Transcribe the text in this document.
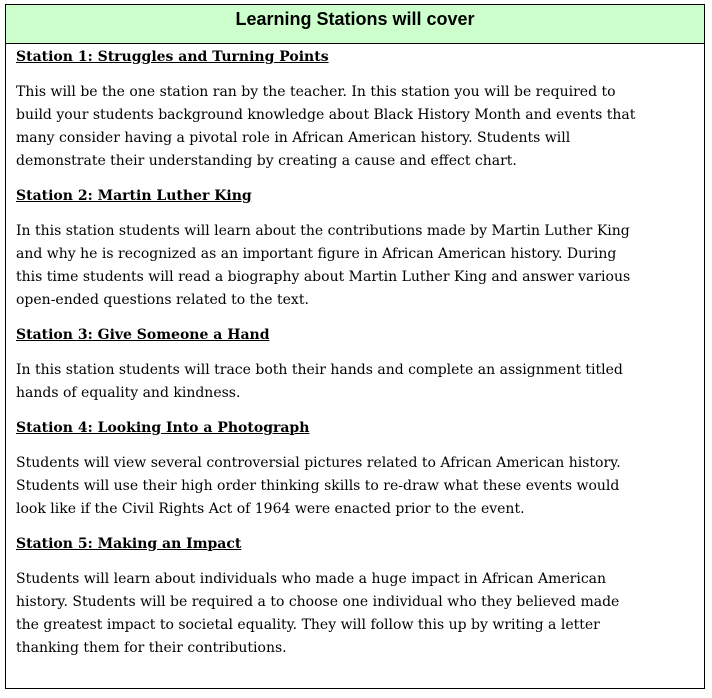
Learning Stations will cover
Station 1: Struggles and Turning Points
This will be the one station ran by the teacher. In this station you will be required to
build your students background knowledge about Black History Month and events that
many consider having a pivotal role in African American history. Students will
demonstrate their understanding by creating a cause and effect chart.
Station 2: Martin Luther King
In this station students will learn about the contributions made by Martin Luther King
and why he is recognized as an important figure in African American history. During
this time students will read a biography about Martin Luther King and answer various
open-ended questions related to the text.
Station 3: Give Someone a Hand
In this station students will trace both their hands and complete an assignment titled
hands of equality and kindness.
Station 4: Looking Into a Photograph
Students will view several controversial pictures related to African American history.
Students will use their high order thinking skills to re-draw what these events would
look like if the Civil Rights Act of 1964 were enacted prior to the event.
Station 5: Making an Impact
Students will learn about individuals who made a huge impact in African American
history. Students will be required a to choose one individual who they believed made
the greatest impact to societal equality. They will follow this up by writing a letter
thanking them for their contributions.
